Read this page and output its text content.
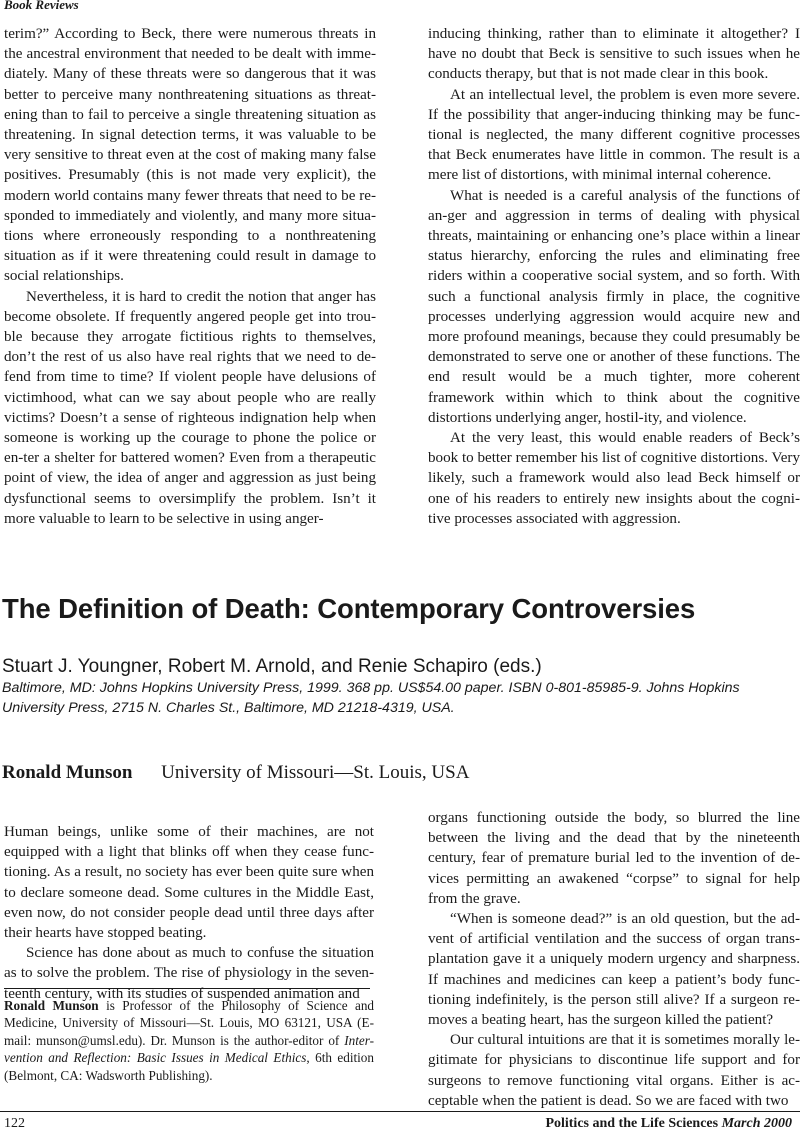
Book Reviews

terim?” According to Beck, there were numerous threats in the ancestral environment that needed to be dealt with imme-diately. Many of these threats were so dangerous that it was better to perceive many nonthreatening situations as threat-ening than to fail to perceive a single threatening situation as threatening. In signal detection terms, it was valuable to be very sensitive to threat even at the cost of making many false positives. Presumably (this is not made very explicit), the modern world contains many fewer threats that need to be re-sponded to immediately and violently, and many more situa-tions where erroneously responding to a nonthreatening situation as if it were threatening could result in damage to social relationships.

Nevertheless, it is hard to credit the notion that anger has become obsolete. If frequently angered people get into trou-ble because they arrogate fictitious rights to themselves, don’t the rest of us also have real rights that we need to de-fend from time to time? If violent people have delusions of victimhood, what can we say about people who are really victims? Doesn’t a sense of righteous indignation help when someone is working up the courage to phone the police or en-ter a shelter for battered women? Even from a therapeutic point of view, the idea of anger and aggression as just being dysfunctional seems to oversimplify the problem. Isn’t it more valuable to learn to be selective in using anger-

inducing thinking, rather than to eliminate it altogether? I have no doubt that Beck is sensitive to such issues when he conducts therapy, but that is not made clear in this book.

At an intellectual level, the problem is even more severe. If the possibility that anger-inducing thinking may be func-tional is neglected, the many different cognitive processes that Beck enumerates have little in common. The result is a mere list of distortions, with minimal internal coherence.

What is needed is a careful analysis of the functions of an-ger and aggression in terms of dealing with physical threats, maintaining or enhancing one’s place within a linear status hierarchy, enforcing the rules and eliminating free riders within a cooperative social system, and so forth. With such a functional analysis firmly in place, the cognitive processes underlying aggression would acquire new and more profound meanings, because they could presumably be demonstrated to serve one or another of these functions. The end result would be a much tighter, more coherent framework within which to think about the cognitive distortions underlying anger, hostil-ity, and violence.

At the very least, this would enable readers of Beck’s book to better remember his list of cognitive distortions. Very likely, such a framework would also lead Beck himself or one of his readers to entirely new insights about the cogni-tive processes associated with aggression.

The Definition of Death: Contemporary Controversies

Stuart J. Youngner, Robert M. Arnold, and Renie Schapiro (eds.)

Baltimore, MD: Johns Hopkins University Press, 1999. 368 pp. US$54.00 paper. ISBN 0-801-85985-9. Johns Hopkins University Press, 2715 N. Charles St., Baltimore, MD 21218-4319, USA.

Ronald Munson University of Missouri—St. Louis, USA

Human beings, unlike some of their machines, are not equipped with a light that blinks off when they cease func-tioning. As a result, no society has ever been quite sure when to declare someone dead. Some cultures in the Middle East, even now, do not consider people dead until three days after their hearts have stopped beating.

Science has done about as much to confuse the situation as to solve the problem. The rise of physiology in the seven-teenth century, with its studies of suspended animation and

organs functioning outside the body, so blurred the line between the living and the dead that by the nineteenth century, fear of premature burial led to the invention of de-vices permitting an awakened “corpse” to signal for help from the grave.

“When is someone dead?” is an old question, but the ad-vent of artificial ventilation and the success of organ trans-plantation gave it a uniquely modern urgency and sharpness. If machines and medicines can keep a patient’s body func-tioning indefinitely, is the person still alive? If a surgeon re-moves a beating heart, has the surgeon killed the patient?

Our cultural intuitions are that it is sometimes morally le-gitimate for physicians to discontinue life support and for surgeons to remove functioning vital organs. Either is ac-ceptable when the patient is dead. So we are faced with two

Ronald Munson is Professor of the Philosophy of Science and Medicine, University of Missouri—St. Louis, MO 63121, USA (E-mail: munson@umsl.edu). Dr. Munson is the author-editor of Inter-vention and Reflection: Basic Issues in Medical Ethics, 6th edition (Belmont, CA: Wadsworth Publishing).

122	Politics and the Life Sciences March 2000
